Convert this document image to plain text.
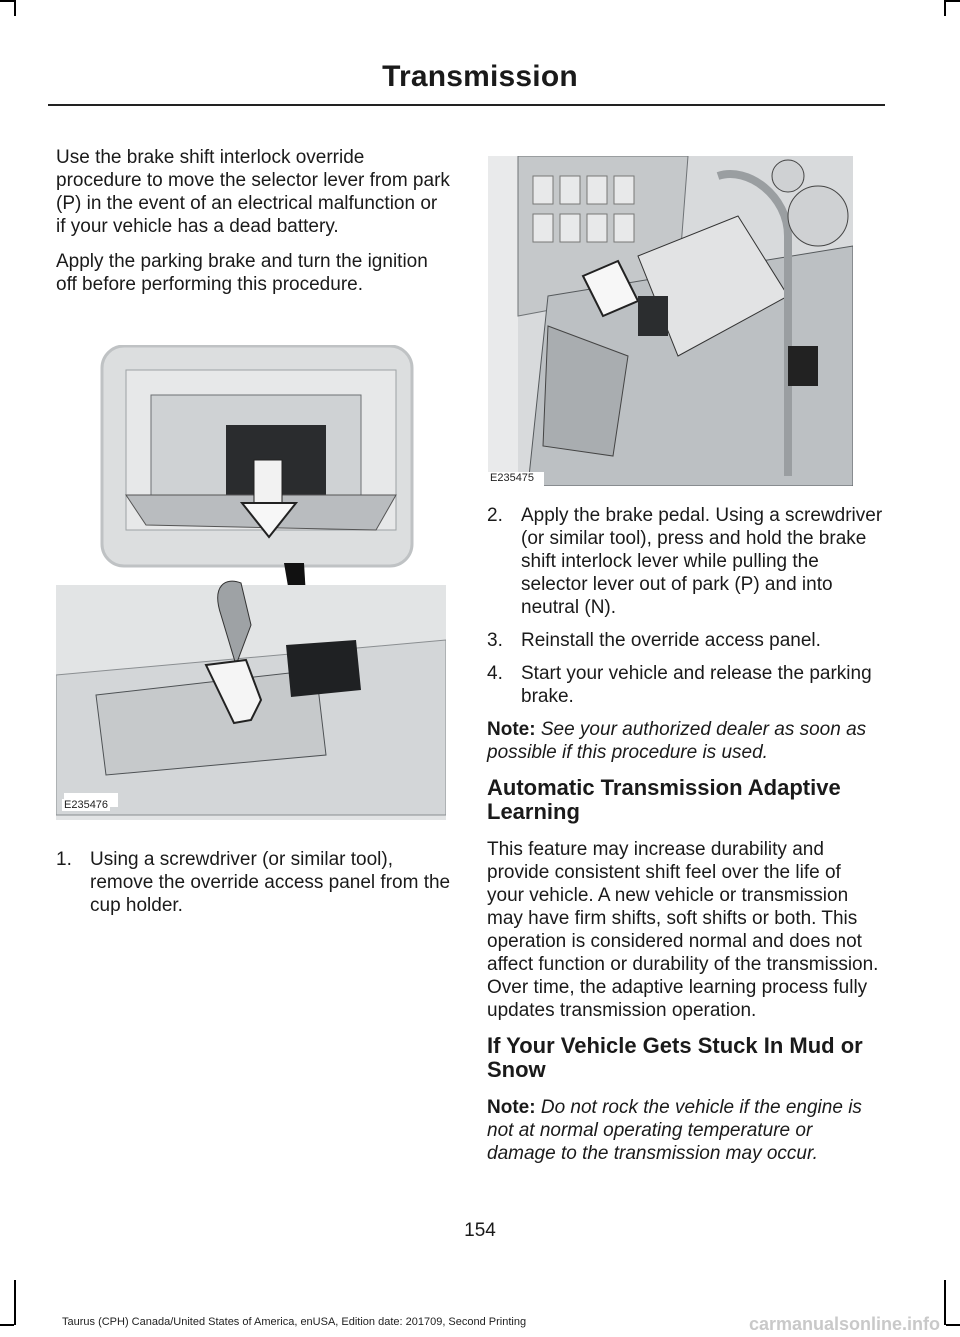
Transmission

Use the brake shift interlock override procedure to move the selector lever from park (P) in the event of an electrical malfunction or if your vehicle has a dead battery.

Apply the parking brake and turn the ignition off before performing this procedure.

E235476
1. Using a screwdriver (or similar tool), remove the override access panel from the cup holder.
E235475
2. Apply the brake pedal. Using a screwdriver (or similar tool), press and hold the brake shift interlock lever while pulling the selector lever out of park (P) and into neutral (N).
3. Reinstall the override access panel.
4. Start your vehicle and release the parking brake.

Note: See your authorized dealer as soon as possible if this procedure is used.

Automatic Transmission Adaptive Learning

This feature may increase durability and provide consistent shift feel over the life of your vehicle. A new vehicle or transmission may have firm shifts, soft shifts or both. This operation is considered normal and does not affect function or durability of the transmission. Over time, the adaptive learning process fully updates transmission operation.

If Your Vehicle Gets Stuck In Mud or Snow

Note: Do not rock the vehicle if the engine is not at normal operating temperature or damage to the transmission may occur.

154
Taurus (CPH) Canada/United States of America, enUSA, Edition date: 201709, Second Printing	carmanualsonline.info
